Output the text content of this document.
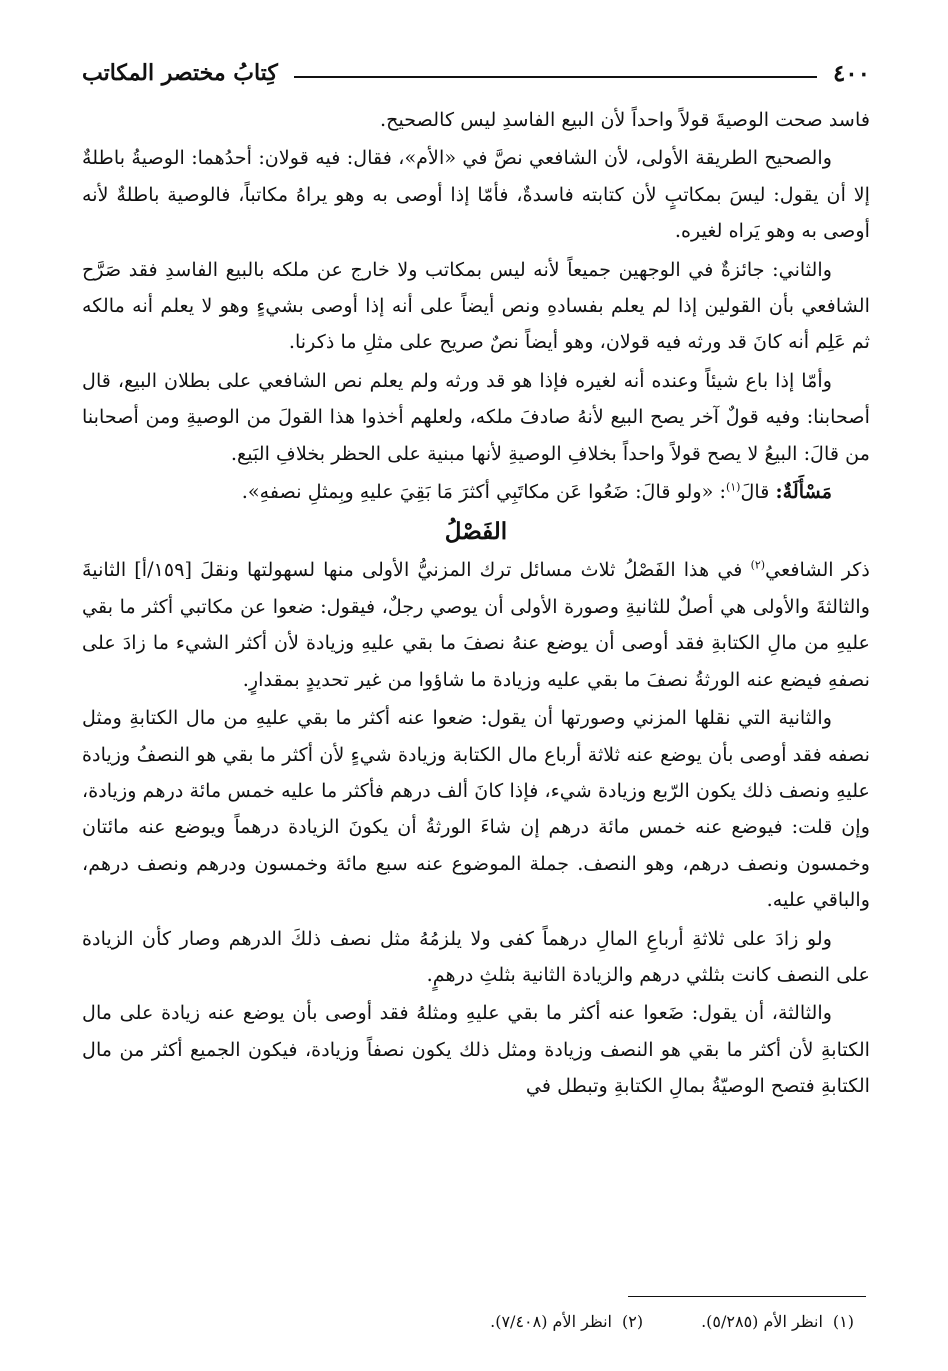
٤٠٠
كِتابُ مختصر المكاتب

فاسد صحت الوصيةَ قولاً واحداً لأن البيع الفاسدِ ليس كالصحيح.

والصحيح الطريقة الأولى، لأن الشافعي نصَّ في «الأم»، فقال: فيه قولان: أحدُهما: الوصيةُ باطلةٌ إلا أن يقول: ليسَ بمكاتبٍ لأن كتابته فاسدةٌ، فأمّا إذا أوصى به وهو يراهُ مكاتباً، فالوصية باطلةٌ لأنه أوصى به وهو يَراه لغيره.

والثاني: جائزةٌ في الوجهين جميعاً لأنه ليس بمكاتب ولا خارج عن ملكه بالبيع الفاسدِ فقد صَرَّح الشافعي بأن القولين إذا لم يعلم بفسادهِ ونص أيضاً على أنه إذا أوصى بشيءٍ وهو لا يعلم أنه مالكه ثم عَلِم أنه كانَ قد ورثه فيه قولان، وهو أيضاً نصٌ صريح على مثلِ ما ذكرنا.

وأمّا إذا باع شيئاً وعنده أنه لغيره فإذا هو قد ورثه ولم يعلم نص الشافعي على بطلان البيع، قال أصحابنا: وفيه قولٌ آخر يصح البيع لأنهُ صادفَ ملكه، ولعلهم أخذوا هذا القولَ من الوصيةِ ومن أصحابنا من قالَ: البيعُ لا يصح قولاً واحداً بخلافِ الوصيةِ لأنها مبنية على الحظر بخلافِ البَيع.

مَسْأَلَةٌ: قالَ$^{(١)}$: «ولو قالَ: ضَعُوا عَن مكاتَبِي أكثرَ مَا بَقِيَ عليهِ وبِمثلِ نصفهِ».

الفَصْلُ

ذكر الشافعي$^{(٢)}$ في هذا الفَصْلُ ثلاث مسائل ترك المزنيُّ الأولى منها لسهولتها ونقلَ [١٥٩/أ] الثانيةَ والثالثةَ والأولى هي أصلٌ للثانيةِ وصورة الأولى أن يوصي رجلٌ، فيقول: ضعوا عن مكاتبي أكثر ما بقي عليهِ من مالِ الكتابةِ فقد أوصى أن يوضع عنهُ نصفَ ما بقي عليهِ وزيادة لأن أكثر الشيء ما زادَ على نصفهِ فيضع عنه الورثةُ نصفَ ما بقي عليه وزيادة ما شاؤوا من غير تحديدٍ بمقدارٍ.

والثانية التي نقلها المزني وصورتها أن يقول: ضعوا عنه أكثر ما بقي عليهِ من مال الكتابةِ ومثل نصفه فقد أوصى بأن يوضع عنه ثلاثة أرباع مال الكتابة وزيادة شيءٍ لأن أكثر ما بقي هو النصفُ وزيادة عليهِ ونصف ذلك يكون الرّبع وزيادة شيء، فإذا كانَ ألف درهم فأكثر ما عليه خمس مائة درهم وزيادة، وإن قلت: فيوضع عنه خمس مائة درهم إن شاءَ الورثةُ أن يكونَ الزيادة درهماً ويوضع عنه مائتان وخمسون ونصف درهم، وهو النصف. جملة الموضوع عنه سبع مائة وخمسون ودرهم ونصف درهم، والباقي عليه.

ولو زادَ على ثلاثةِ أرباعِ المالِ درهماً كفى ولا يلزمُهُ مثل نصف ذلكَ الدرهم وصار كأن الزيادة على النصف كانت بثلثي درهم والزيادة الثانية بثلثِ درهمٍ.

والثالثة، أن يقول: ضَعوا عنه أكثر ما بقي عليهِ ومثلهُ فقد أوصى بأن يوضع عنه زيادة على مال الكتابةِ لأن أكثر ما بقي هو النصف وزيادة ومثل ذلك يكون نصفاً وزيادة، فيكون الجميع أكثر من مال الكتابةِ فتصح الوصيّةُ بمالِ الكتابةِ وتبطل في

(١)انظر الأم (٥/٢٨٥).
(٢)انظر الأم (٧/٤٠٨).
